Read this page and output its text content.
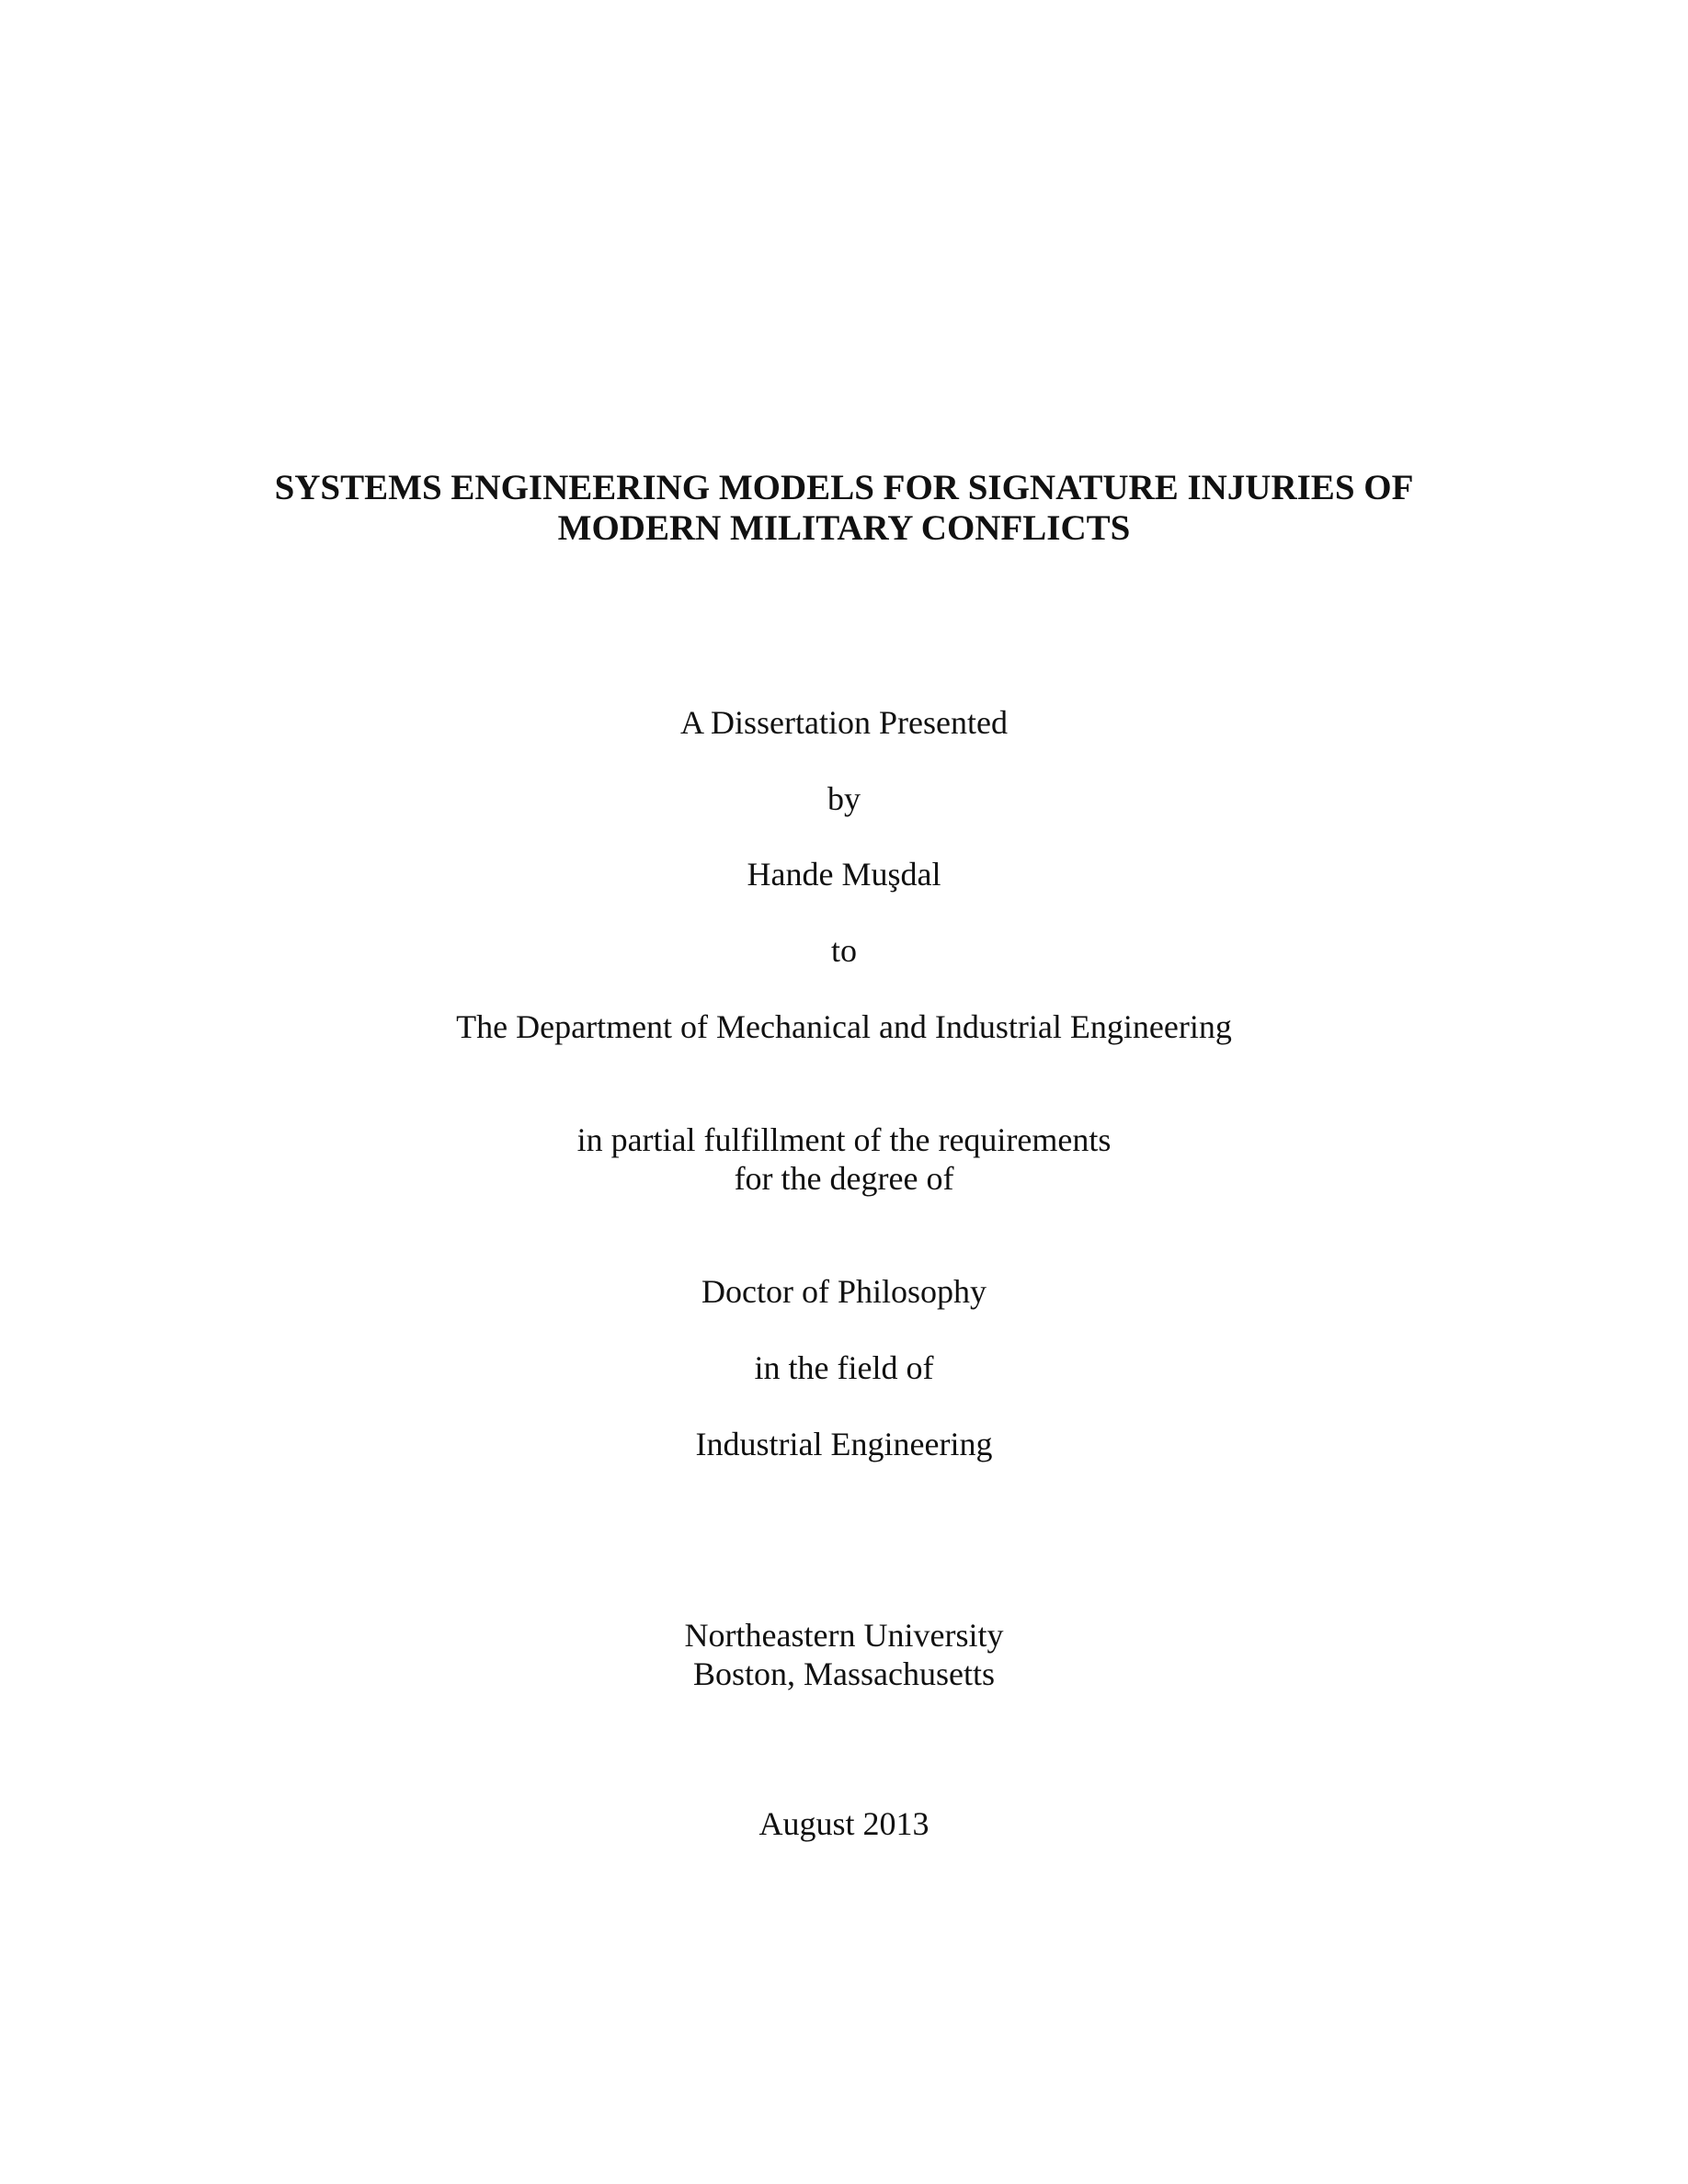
SYSTEMS ENGINEERING MODELS FOR SIGNATURE INJURIES OF
MODERN MILITARY CONFLICTS
A Dissertation Presented
by
Hande Muşdal
to
The Department of Mechanical and Industrial Engineering
in partial fulfillment of the requirements
for the degree of
Doctor of Philosophy
in the field of
Industrial Engineering
Northeastern University
Boston, Massachusetts
August 2013
